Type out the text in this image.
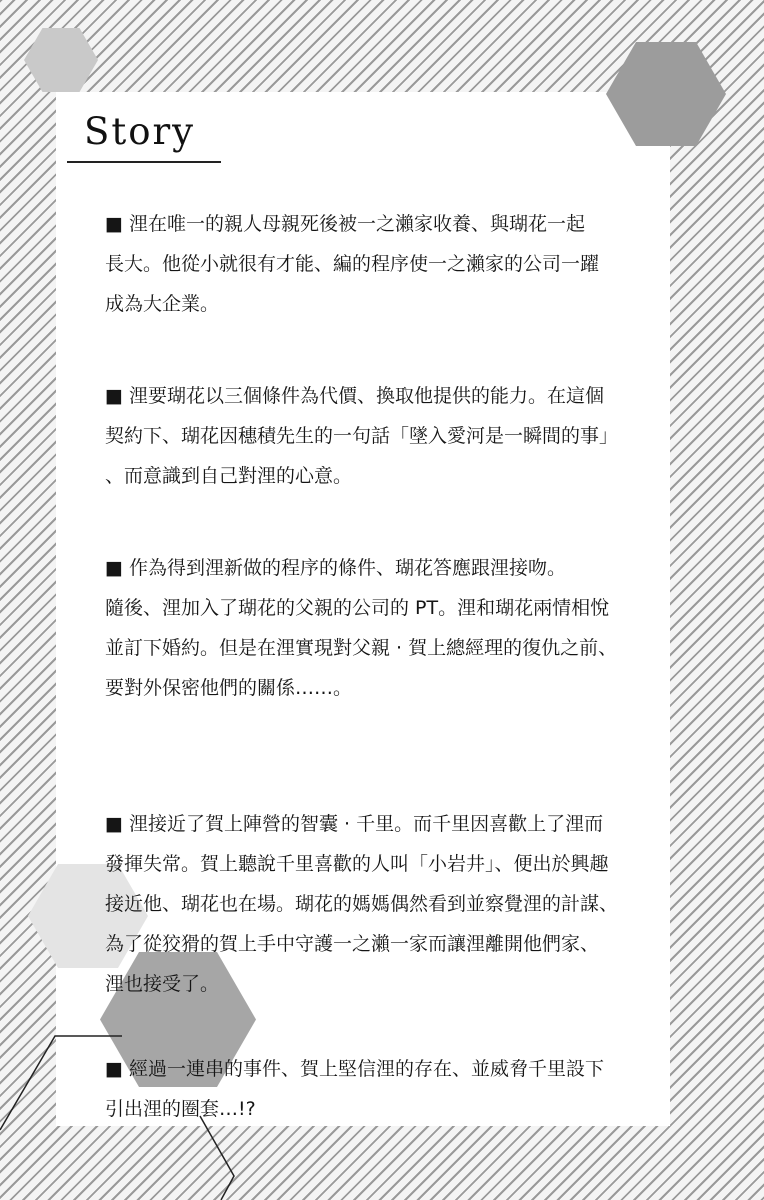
Story
■ 浬在唯一的親人母親死後被一之瀨家收養、與瑚花一起
長大。他從小就很有才能、編的程序使一之瀨家的公司一躍
成為大企業。
■ 浬要瑚花以三個條件為代價、換取他提供的能力。在這個
契約下、瑚花因穗積先生的一句話「墜入愛河是一瞬間的事」
、而意識到自己對浬的心意。
■ 作為得到浬新做的程序的條件、瑚花答應跟浬接吻。
隨後、浬加入了瑚花的父親的公司的 PT。浬和瑚花兩情相悅
並訂下婚約。但是在浬實現對父親 · 賀上總經理的復仇之前、
要對外保密他們的關係……。
■ 浬接近了賀上陣營的智囊 · 千里。而千里因喜歡上了浬而
發揮失常。賀上聽說千里喜歡的人叫「小岩井」、便出於興趣
接近他、瑚花也在場。瑚花的媽媽偶然看到並察覺浬的計謀、
為了從狡猾的賀上手中守護一之瀨一家而讓浬離開他們家、
浬也接受了。
■ 經過一連串的事件、賀上堅信浬的存在、並威脅千里設下
引出浬的圈套…!?
